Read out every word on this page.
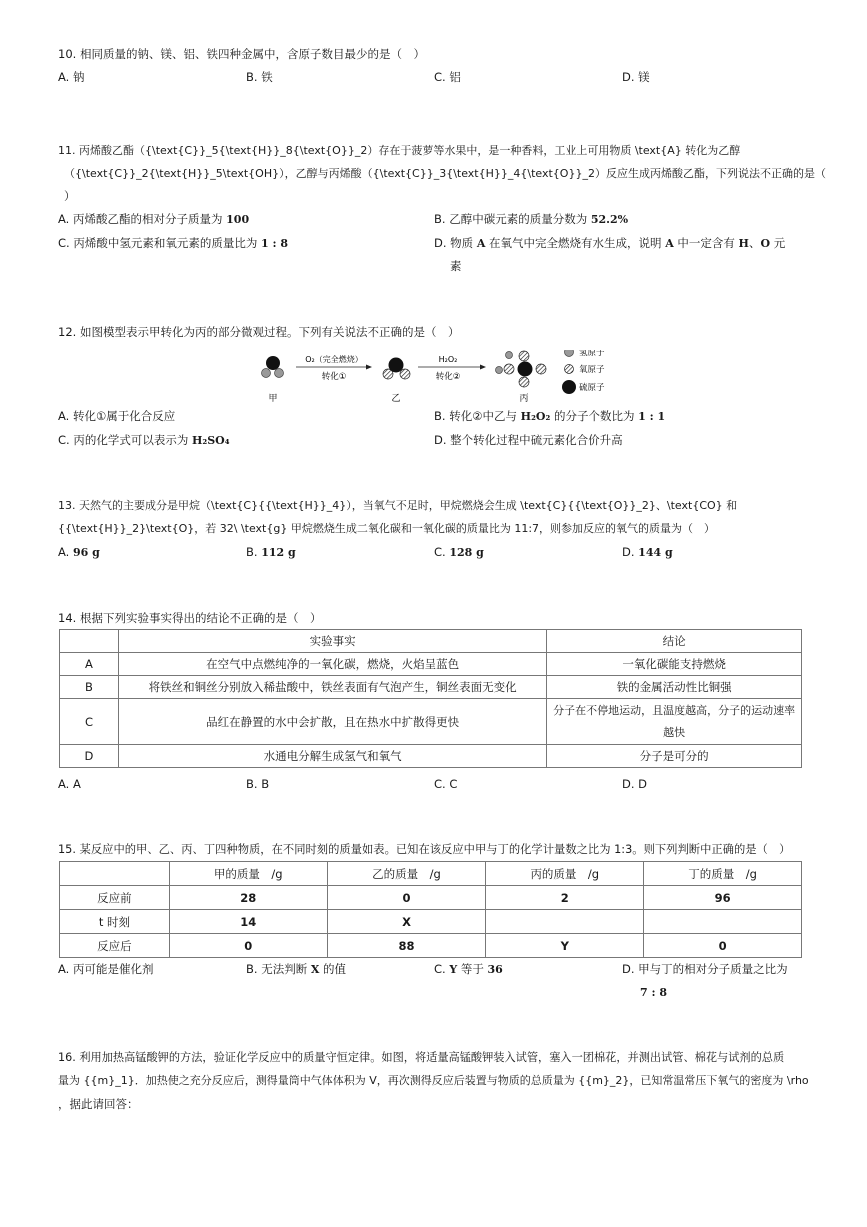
10. 相同质量的钠、镁、铝、铁四种金属中，含原子数目最少的是（　）
A. 钠	B. 铁	C. 铝	D. 镁
11. 丙烯酸乙酯（{\text{C}}_5{\text{H}}_8{\text{O}}_2）存在于菠萝等水果中，是一种香料，工业上可用物质 \text{A} 转化为乙醇
（{\text{C}}_2{\text{H}}_5\text{OH}），乙醇与丙烯酸（{\text{C}}_3{\text{H}}_4{\text{O}}_2）反应生成丙烯酸乙酯，下列说法不正确的是（
）
A. 丙烯酸乙酯的相对分子质量为 100	B. 乙醇中碳元素的质量分数为 52.2%
C. 丙烯酸中氢元素和氧元素的质量比为 1 : 8	D. 物质 A 在氧气中完全燃烧有水生成，说明 A 中一定含有 H、O 元
素
12. 如图模型表示甲转化为丙的部分微观过程。下列有关说法不正确的是（　）
甲
O₂（完全燃烧）
转化①
乙
H₂O₂
转化②
丙
氢原子
氧原子
硫原子
A. 转化①属于化合反应	B. 转化②中乙与 H₂O₂ 的分子个数比为 1 : 1
C. 丙的化学式可以表示为 H₂SO₄	D. 整个转化过程中硫元素化合价升高
13. 天然气的主要成分是甲烷（\text{C}{{\text{H}}_4}），当氧气不足时，甲烷燃烧会生成 \text{C}{{\text{O}}_2}、\text{CO} 和
{{\text{H}}_2}\text{O}，若 32\ \text{g} 甲烷燃烧生成二氧化碳和一氧化碳的质量比为 11:7，则参加反应的氧气的质量为（　）
A. 96 g	B. 112 g	C. 128 g	D. 144 g
14. 根据下列实验事实得出的结论不正确的是（　）
	实验事实	结论
A	在空气中点燃纯净的一氧化碳，燃烧，火焰呈蓝色	一氧化碳能支持燃烧
B	将铁丝和铜丝分别放入稀盐酸中，铁丝表面有气泡产生，铜丝表面无变化	铁的金属活动性比铜强
C	品红在静置的水中会扩散，且在热水中扩散得更快	分子在不停地运动，且温度越高，分子的运动速率越快
D	水通电分解生成氢气和氧气	分子是可分的
A. A	B. B	C. C	D. D
15. 某反应中的甲、乙、丙、丁四种物质，在不同时刻的质量如表。已知在该反应中甲与丁的化学计量数之比为 1:3。则下列判断中正确的是（　）
	甲的质量　/g	乙的质量　/g	丙的质量　/g	丁的质量　/g
反应前	28	0	2	96
t 时刻	14	X		
反应后	0	88	Y	0
A. 丙可能是催化剂	B. 无法判断 X 的值	C. Y 等于 36	D. 甲与丁的相对分子质量之比为
7 : 8
16. 利用加热高锰酸钾的方法，验证化学反应中的质量守恒定律。如图，将适量高锰酸钾装入试管，塞入一团棉花，并测出试管、棉花与试剂的总质
量为 {{m}_1}．加热使之充分反应后，测得量筒中气体体积为 V，再次测得反应后装置与物质的总质量为 {{m}_2}，已知常温常压下氧气的密度为 \rho
，据此请回答：
